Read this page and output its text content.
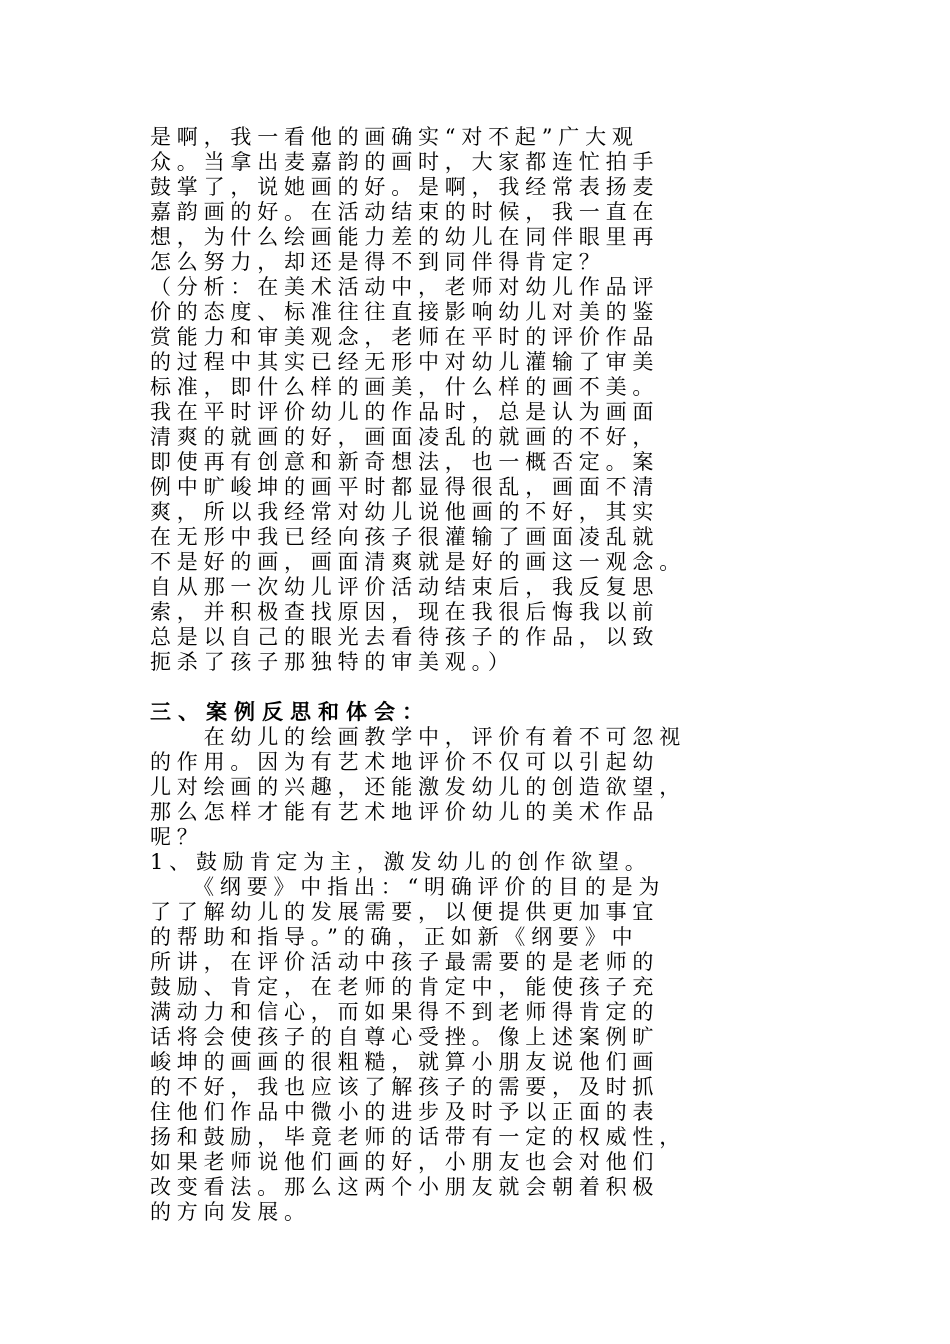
是啊，我一看他的画确实“对不起”广大观

众。当拿出麦嘉韵的画时，大家都连忙拍手

鼓掌了，说她画的好。是啊，我经常表扬麦

嘉韵画的好。在活动结束的时候，我一直在

想，为什么绘画能力差的幼儿在同伴眼里再

怎么努力，却还是得不到同伴得肯定？

（分析：在美术活动中，老师对幼儿作品评

价的态度、标准往往直接影响幼儿对美的鉴

赏能力和审美观念，老师在平时的评价作品

的过程中其实已经无形中对幼儿灌输了审美

标准，即什么样的画美，什么样的画不美。

我在平时评价幼儿的作品时，总是认为画面

清爽的就画的好，画面凌乱的就画的不好，

即使再有创意和新奇想法，也一概否定。案

例中旷峻坤的画平时都显得很乱，画面不清

爽，所以我经常对幼儿说他画的不好，其实

在无形中我已经向孩子很灌输了画面凌乱就

不是好的画，画面清爽就是好的画这一观念。

自从那一次幼儿评价活动结束后，我反复思

索，并积极查找原因，现在我很后悔我以前

总是以自己的眼光去看待孩子的作品，以致

扼杀了孩子那独特的审美观。）

三、案例反思和体会：

　　在幼儿的绘画教学中，评价有着不可忽视

的作用。因为有艺术地评价不仅可以引起幼

儿对绘画的兴趣，还能激发幼儿的创造欲望，

那么怎样才能有艺术地评价幼儿的美术作品

呢？

1、鼓励肯定为主，激发幼儿的创作欲望。

　　《纲要》中指出：“明确评价的目的是为

了了解幼儿的发展需要，以便提供更加事宜

的帮助和指导。”的确，正如新《纲要》中

所讲，在评价活动中孩子最需要的是老师的

鼓励、肯定，在老师的肯定中，能使孩子充

满动力和信心，而如果得不到老师得肯定的

话将会使孩子的自尊心受挫。像上述案例旷

峻坤的画画的很粗糙，就算小朋友说他们画

的不好，我也应该了解孩子的需要，及时抓

住他们作品中微小的进步及时予以正面的表

扬和鼓励，毕竟老师的话带有一定的权威性，

如果老师说他们画的好，小朋友也会对他们

改变看法。那么这两个小朋友就会朝着积极

的方向发展。
